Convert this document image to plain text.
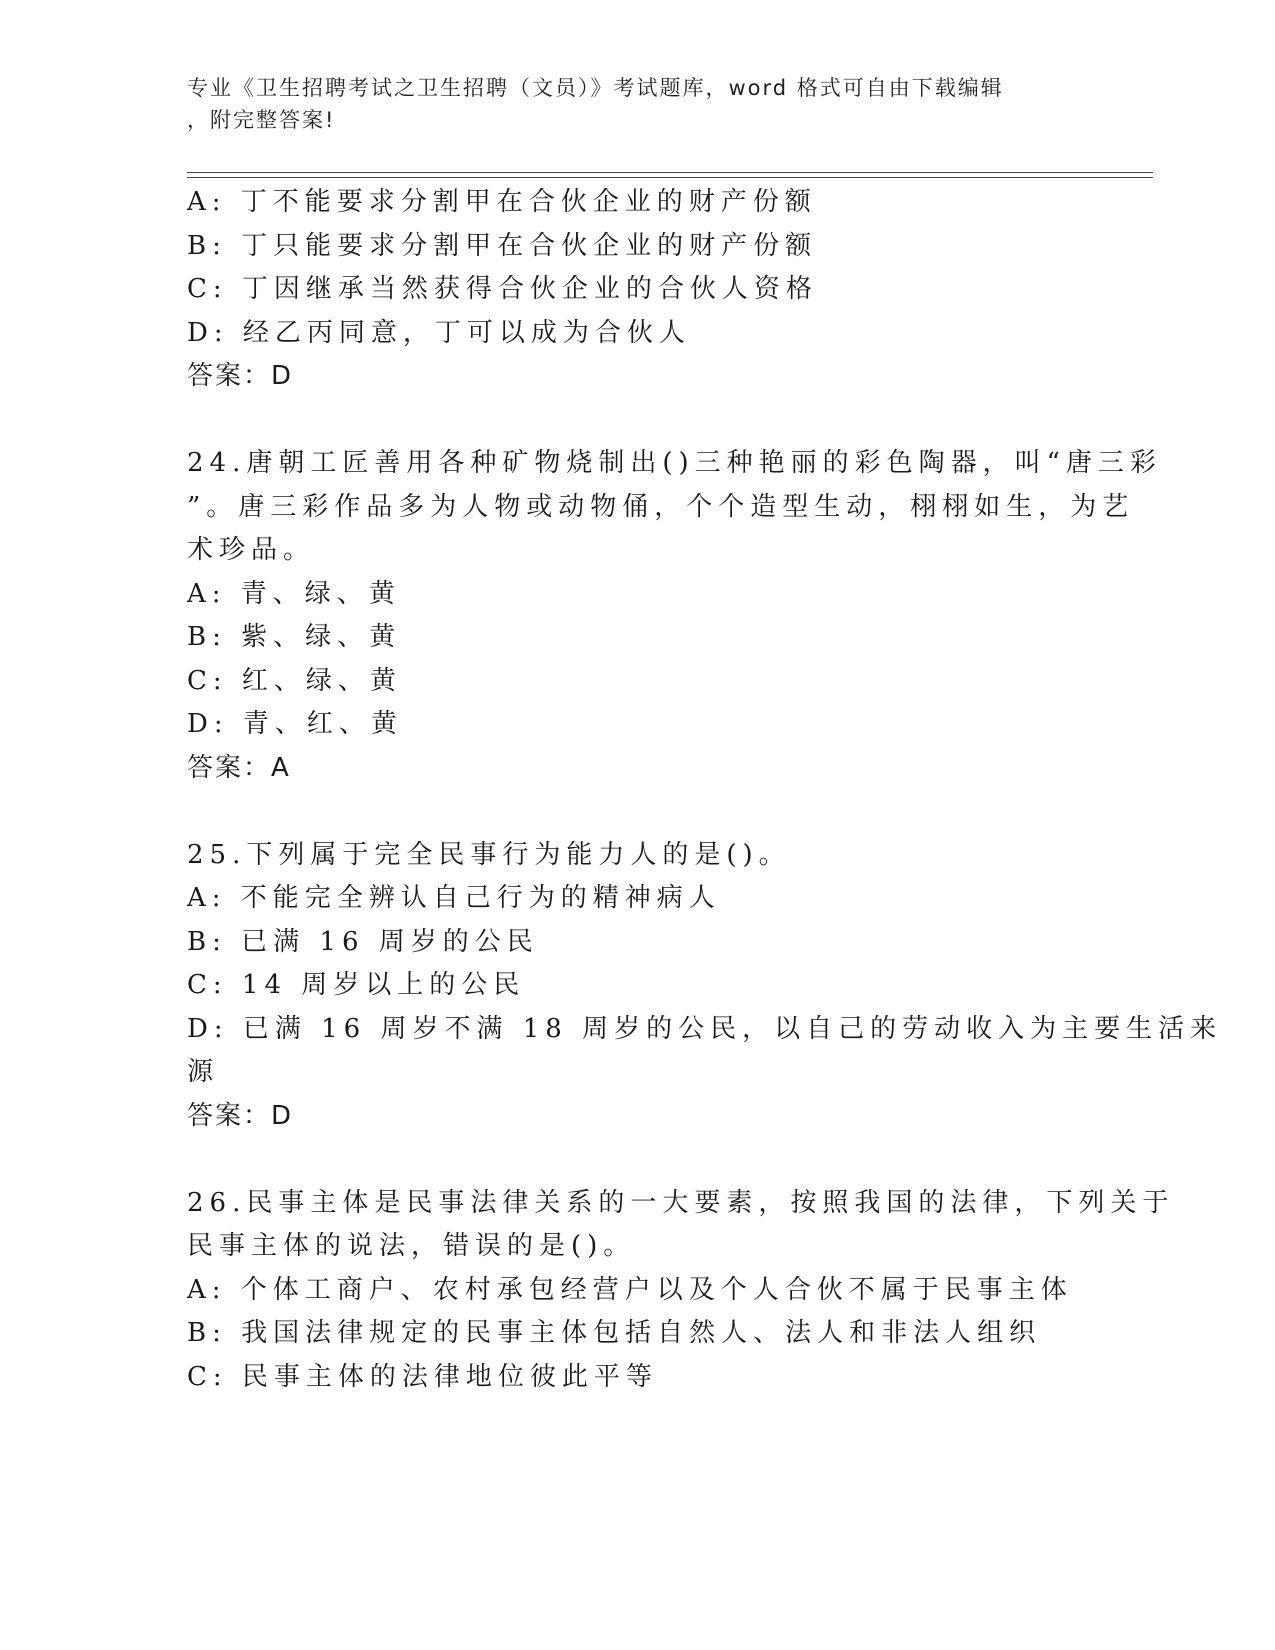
专业《卫生招聘考试之卫生招聘（文员）》考试题库，word 格式可自由下载编辑
，附完整答案!
A: 丁不能要求分割甲在合伙企业的财产份额
B: 丁只能要求分割甲在合伙企业的财产份额
C: 丁因继承当然获得合伙企业的合伙人资格
D: 经乙丙同意，丁可以成为合伙人
答案：D
24.唐朝工匠善用各种矿物烧制出()三种艳丽的彩色陶器，叫“唐三彩
”。唐三彩作品多为人物或动物俑，个个造型生动，栩栩如生，为艺
术珍品。
A: 青、绿、黄
B: 紫、绿、黄
C: 红、绿、黄
D: 青、红、黄
答案：A
25.下列属于完全民事行为能力人的是()。
A: 不能完全辨认自己行为的精神病人
B: 已满 16 周岁的公民
C: 14 周岁以上的公民
D: 已满 16 周岁不满 18 周岁的公民，以自己的劳动收入为主要生活来
源
答案：D
26.民事主体是民事法律关系的一大要素，按照我国的法律，下列关于
民事主体的说法，错误的是()。
A: 个体工商户、农村承包经营户以及个人合伙不属于民事主体
B: 我国法律规定的民事主体包括自然人、法人和非法人组织
C: 民事主体的法律地位彼此平等
